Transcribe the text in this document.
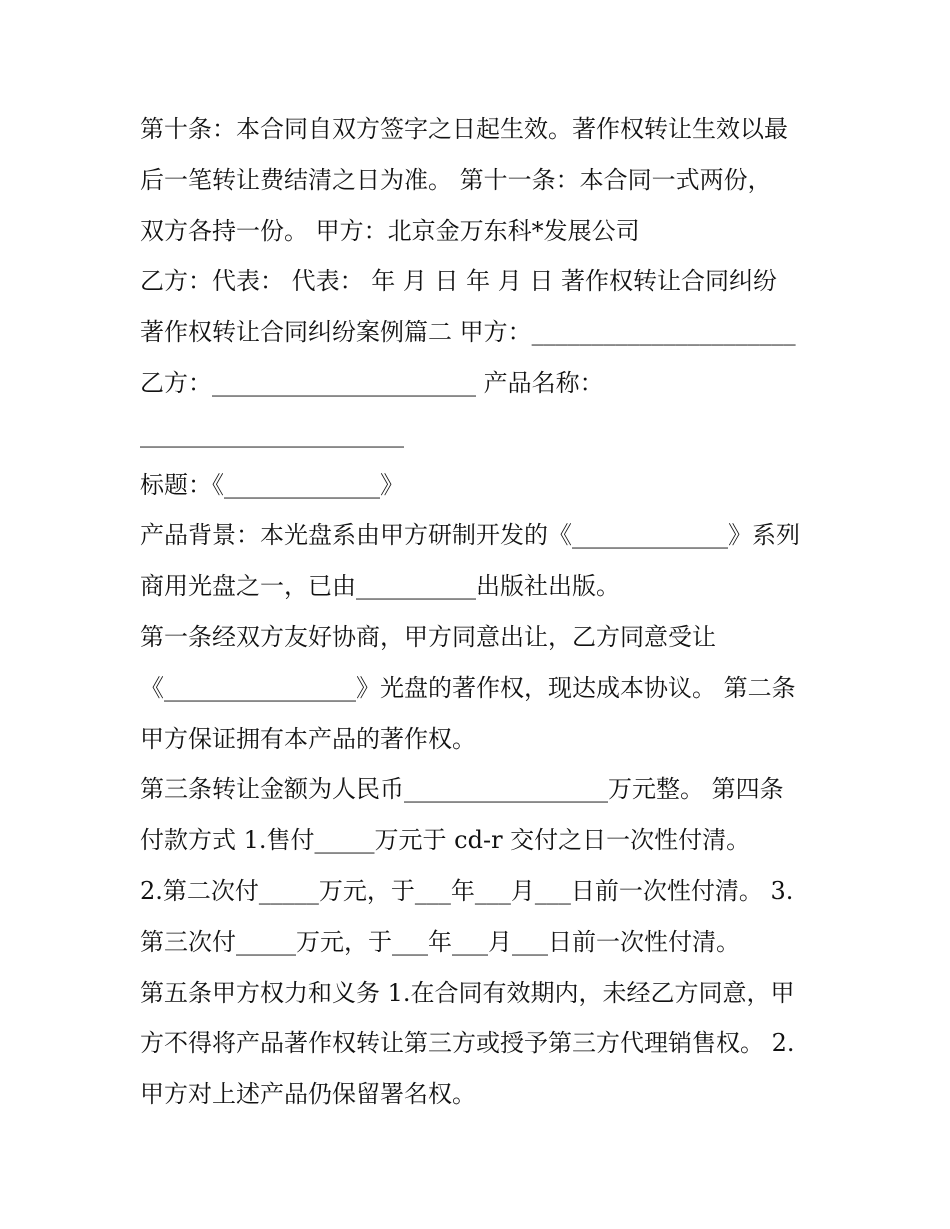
第十条：本合同自双方签字之日起生效。著作权转让生效以最
后一笔转让费结清之日为准。 第十一条：本合同一式两份，
双方各持一份。 甲方：北京金万东科*发展公司
乙方：代表： 代表： 年 月 日 年 月 日 著作权转让合同纠纷
著作权转让合同纠纷案例篇二 甲方：______________________
乙方：______________________ 产品名称：
______________________
标题：《_____________》
产品背景：本光盘系由甲方研制开发的《_____________》系列
商用光盘之一，已由__________出版社出版。
第一条经双方友好协商，甲方同意出让，乙方同意受让
《________________》光盘的著作权，现达成本协议。 第二条
甲方保证拥有本产品的著作权。
第三条转让金额为人民币_________________万元整。 第四条
付款方式 1.售付_____万元于 cd-r 交付之日一次性付清。
2.第二次付_____万元，于___年___月___日前一次性付清。 3.
第三次付_____万元，于___年___月___日前一次性付清。
第五条甲方权力和义务 1.在合同有效期内，未经乙方同意，甲
方不得将产品著作权转让第三方或授予第三方代理销售权。 2.
甲方对上述产品仍保留署名权。
